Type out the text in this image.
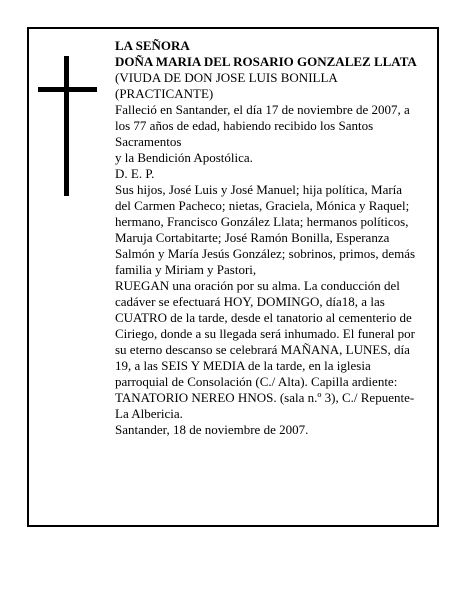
LA SEÑORA

DOÑA MARIA DEL ROSARIO GONZALEZ LLATA

(VIUDA DE DON JOSE LUIS BONILLA (PRACTICANTE)

Falleció en Santander, el día 17 de noviembre de 2007, a los 77 años de edad, habiendo recibido los Santos Sacramentos

y la Bendición Apostólica.

D. E. P.

Sus hijos, José Luis y José Manuel; hija política, María del Carmen Pacheco; nietas, Graciela, Mónica y Raquel; hermano, Francisco González Llata; hermanos políticos, Maruja Cortabitarte; José Ramón Bonilla, Esperanza Salmón y María Jesús González; sobrinos, primos, demás familia y Miriam y Pastori,

RUEGAN una oración por su alma. La conducción del cadáver se efectuará HOY, DOMINGO, día18, a las CUATRO de la tarde, desde el tanatorio al cementerio de Ciriego, donde a su llegada será inhumado. El funeral por su eterno descanso se celebrará MAÑANA, LUNES, día 19, a las SEIS Y MEDIA de la tarde, en la iglesia parroquial de Consolación (C./ Alta). Capilla ardiente: TANATORIO NEREO HNOS. (sala n.º 3), C./ Repuente-La Albericia.

Santander, 18 de noviembre de 2007.
